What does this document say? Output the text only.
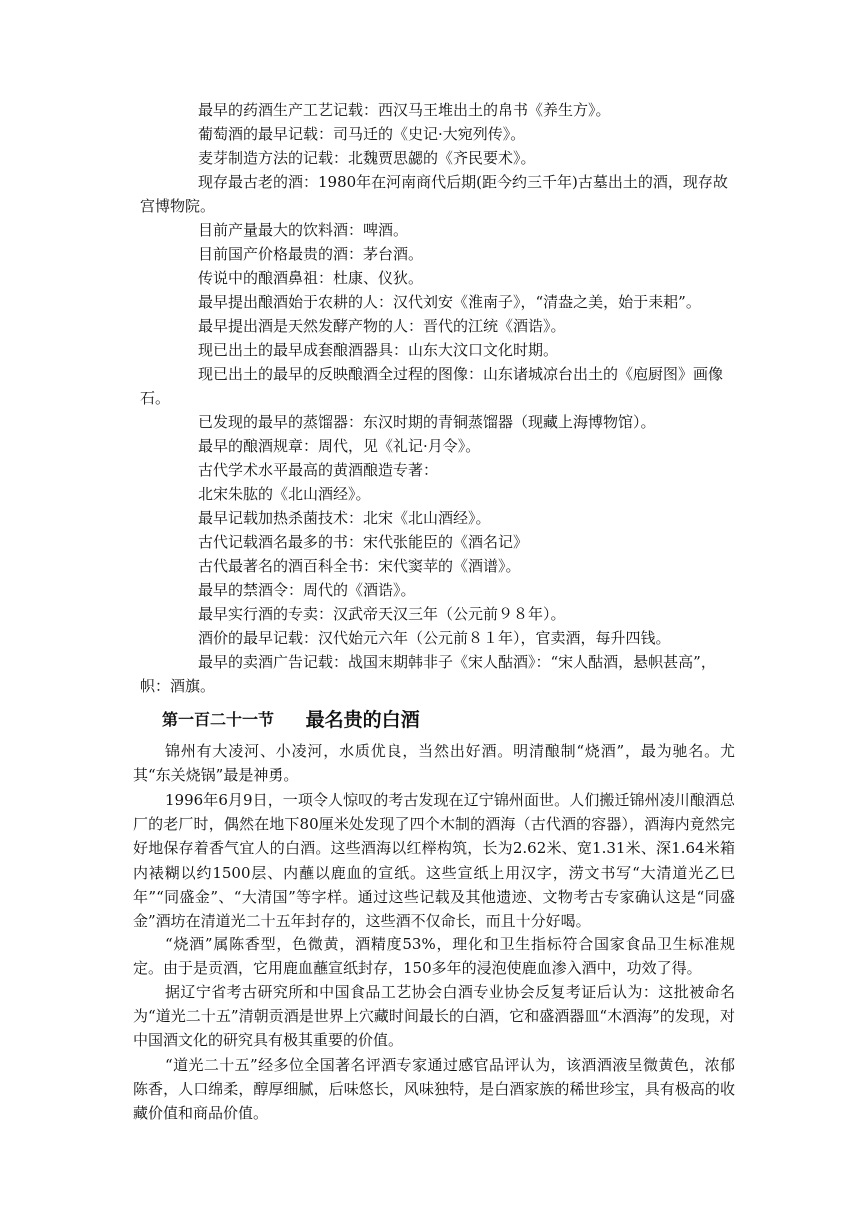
最早的药酒生产工艺记载：西汉马王堆出土的帛书《养生方》。
葡萄酒的最早记载：司马迁的《史记·大宛列传》。
麦芽制造方法的记载：北魏贾思勰的《齐民要术》。
现存最古老的酒：1980年在河南商代后期(距今约三千年)古墓出土的酒，现存故
宫博物院。
目前产量最大的饮料酒：啤酒。
目前国产价格最贵的酒：茅台酒。
传说中的酿酒鼻祖：杜康、仪狄。
最早提出酿酒始于农耕的人：汉代刘安《淮南子》，“清盎之美，始于耒耜”。
最早提出酒是天然发酵产物的人：晋代的江统《酒诰》。
现已出土的最早成套酿酒器具：山东大汶口文化时期。
现已出土的最早的反映酿酒全过程的图像：山东诸城凉台出土的《庖厨图》画像
石。
已发现的最早的蒸馏器：东汉时期的青铜蒸馏器（现藏上海博物馆）。
最早的酿酒规章：周代，见《礼记·月令》。
古代学术水平最高的黄酒酿造专著：
北宋朱肱的《北山酒经》。
最早记载加热杀菌技术：北宋《北山酒经》。
古代记载酒名最多的书：宋代张能臣的《酒名记》
古代最著名的酒百科全书：宋代窦苹的《酒谱》。
最早的禁酒令：周代的《酒诰》。
最早实行酒的专卖：汉武帝天汉三年（公元前９８年）。
酒价的最早记载：汉代始元六年（公元前８１年），官卖酒，每升四钱。
最早的卖酒广告记载：战国末期韩非子《宋人酤酒》：“宋人酤酒，悬帜甚高”，
帜：酒旗。
第一百二十一节 最名贵的白酒

锦州有大凌河、小凌河，水质优良，当然出好酒。明清酿制“烧酒”，最为驰名。尤其“东关烧锅”最是神勇。

1996年6月9日，一项令人惊叹的考古发现在辽宁锦州面世。人们搬迁锦州凌川酿酒总厂的老厂时，偶然在地下80厘米处发现了四个木制的酒海（古代酒的容器），酒海内竟然完好地保存着香气宜人的白酒。这些酒海以红榉构筑，长为2.62米、宽1.31米、深1.64米箱内裱糊以约1500层、内蘸以鹿血的宣纸。这些宣纸上用汉字，涝文书写“大清道光乙巳年”“同盛金”、“大清国”等字样。通过这些记载及其他遗迹、文物考古专家确认这是“同盛金”酒坊在清道光二十五年封存的，这些酒不仅命长，而且十分好喝。

“烧酒”属陈香型，色微黄，酒精度53%，理化和卫生指标符合国家食品卫生标准规定。由于是贡酒，它用鹿血蘸宣纸封存，150多年的浸泡使鹿血渗入酒中，功效了得。

据辽宁省考古研究所和中国食品工艺协会白酒专业协会反复考证后认为：这批被命名为“道光二十五”清朝贡酒是世界上穴藏时间最长的白酒，它和盛酒器皿“木酒海”的发现，对中国酒文化的研究具有极其重要的价值。

“道光二十五”经多位全国著名评酒专家通过感官品评认为，该酒酒液呈微黄色，浓郁陈香，人口绵柔，醇厚细腻，后味悠长，风味独特，是白酒家族的稀世珍宝，具有极高的收藏价值和商品价值。
